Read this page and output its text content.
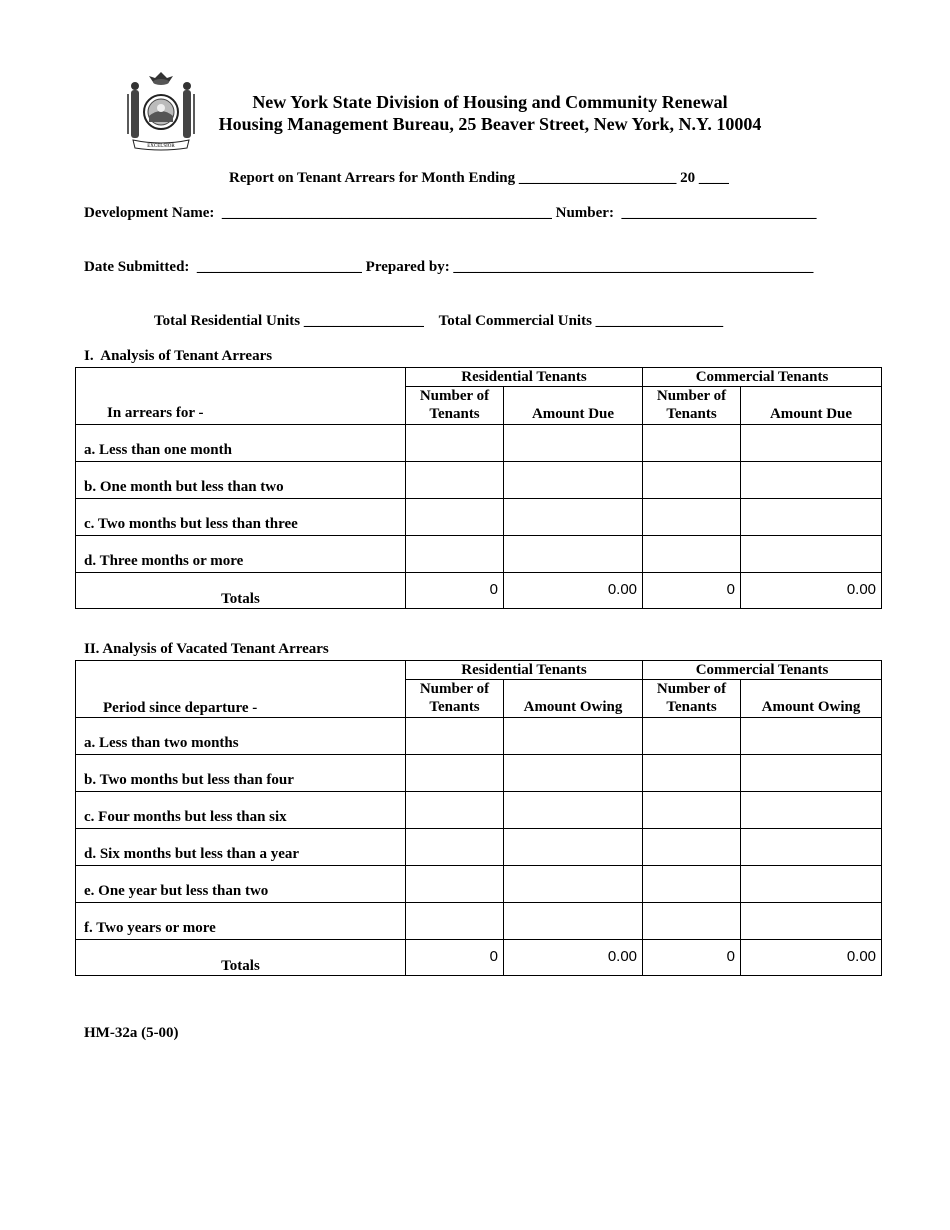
EXCELSIOR
New York State Division of Housing and Community Renewal
Housing Management Bureau, 25 Beaver Street, New York, N.Y. 10004
Report on Tenant Arrears for Month Ending _____________________ 20 ____
Development Name:  ____________________________________________ Number:  __________________________
Date Submitted:  ______________________ Prepared by: ________________________________________________
Total Residential Units ________________    Total Commercial Units _________________
I.  Analysis of Tenant Arrears
In arrears for -	Residential Tenants		Commercial Tenants	
	Number of Tenants	Amount Due	Number of Tenants	Amount Due
a. Less than one month				
b. One month but less than two				
c. Two months but less than three				
d. Three months or more				
Totals	0	0.00	0	0.00
II. Analysis of Vacated Tenant Arrears
Period since departure -	Residential Tenants		Commercial Tenants	
	Number of Tenants	Amount Owing	Number of Tenants	Amount Owing
a. Less than two months				
b. Two months but less than four				
c. Four months but less than six				
d. Six months but less than a year				
e. One year but less than two				
f. Two years or more				
Totals	0	0.00	0	0.00
HM-32a (5-00)
